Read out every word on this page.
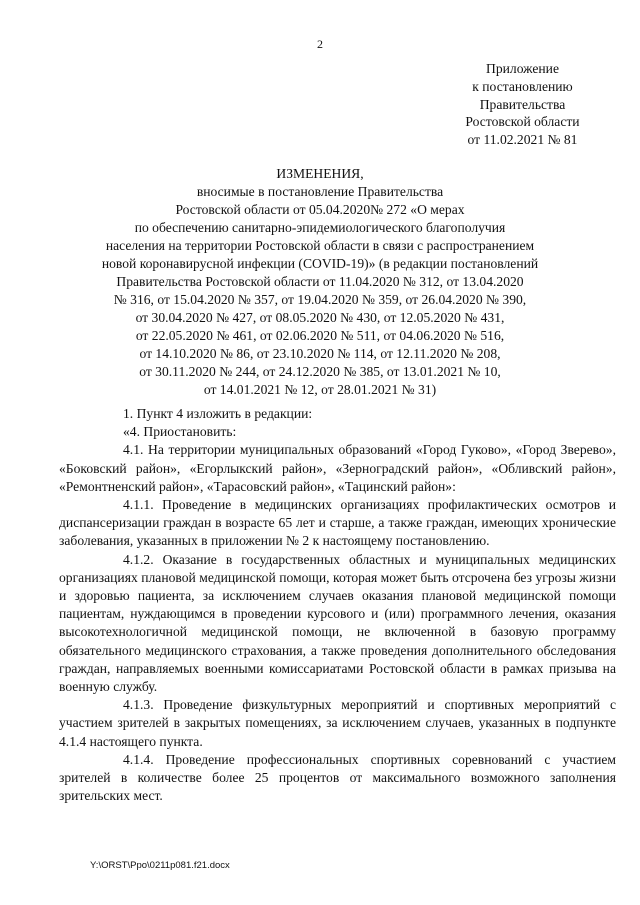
2
Приложение
к постановлению
Правительства
Ростовской области
от 11.02.2021 № 81
ИЗМЕНЕНИЯ,
вносимые в постановление Правительства
Ростовской области от 05.04.2020№ 272 «О мерах
по обеспечению санитарно-эпидемиологического благополучия
населения на территории Ростовской области в связи с распространением
новой коронавирусной инфекции (COVID-19)» (в редакции постановлений
Правительства Ростовской области от 11.04.2020 № 312, от 13.04.2020
№ 316, от 15.04.2020 № 357, от 19.04.2020 № 359, от 26.04.2020 № 390,
от 30.04.2020 № 427, от 08.05.2020 № 430, от 12.05.2020 № 431,
от 22.05.2020 № 461, от 02.06.2020 № 511, от 04.06.2020 № 516,
от 14.10.2020 № 86, от 23.10.2020 № 114, от 12.11.2020 № 208,
от 30.11.2020 № 244, от 24.12.2020 № 385, от 13.01.2021 № 10,
от 14.01.2021 № 12, от 28.01.2021 № 31)

1. Пункт 4 изложить в редакции:

«4. Приостановить:

4.1. На территории муниципальных образований «Город Гуково», «Город Зверево», «Боковский район», «Егорлыкский район», «Зерноградский район», «Обливский район», «Ремонтненский район», «Тарасовский район», «Тацинский район»:

4.1.1. Проведение в медицинских организациях профилактических осмотров и диспансеризации граждан в возрасте 65 лет и старше, а также граждан, имеющих хронические заболевания, указанных в приложении № 2 к настоящему постановлению.

4.1.2. Оказание в государственных областных и муниципальных медицинских организациях плановой медицинской помощи, которая может быть отсрочена без угрозы жизни и здоровью пациента, за исключением случаев оказания плановой медицинской помощи пациентам, нуждающимся в проведении курсового и (или) программного лечения, оказания высокотехнологичной медицинской помощи, не включенной в базовую программу обязательного медицинского страхования, а также проведения дополнительного обследования граждан, направляемых военными комиссариатами Ростовской области в рамках призыва на военную службу.

4.1.3. Проведение физкультурных мероприятий и спортивных мероприятий с участием зрителей в закрытых помещениях, за исключением случаев, указанных в подпункте 4.1.4 настоящего пункта.

4.1.4. Проведение профессиональных спортивных соревнований с участием зрителей в количестве более 25 процентов от максимального возможного заполнения зрительских мест.

Y:\ORST\Ppo\0211p081.f21.docx
